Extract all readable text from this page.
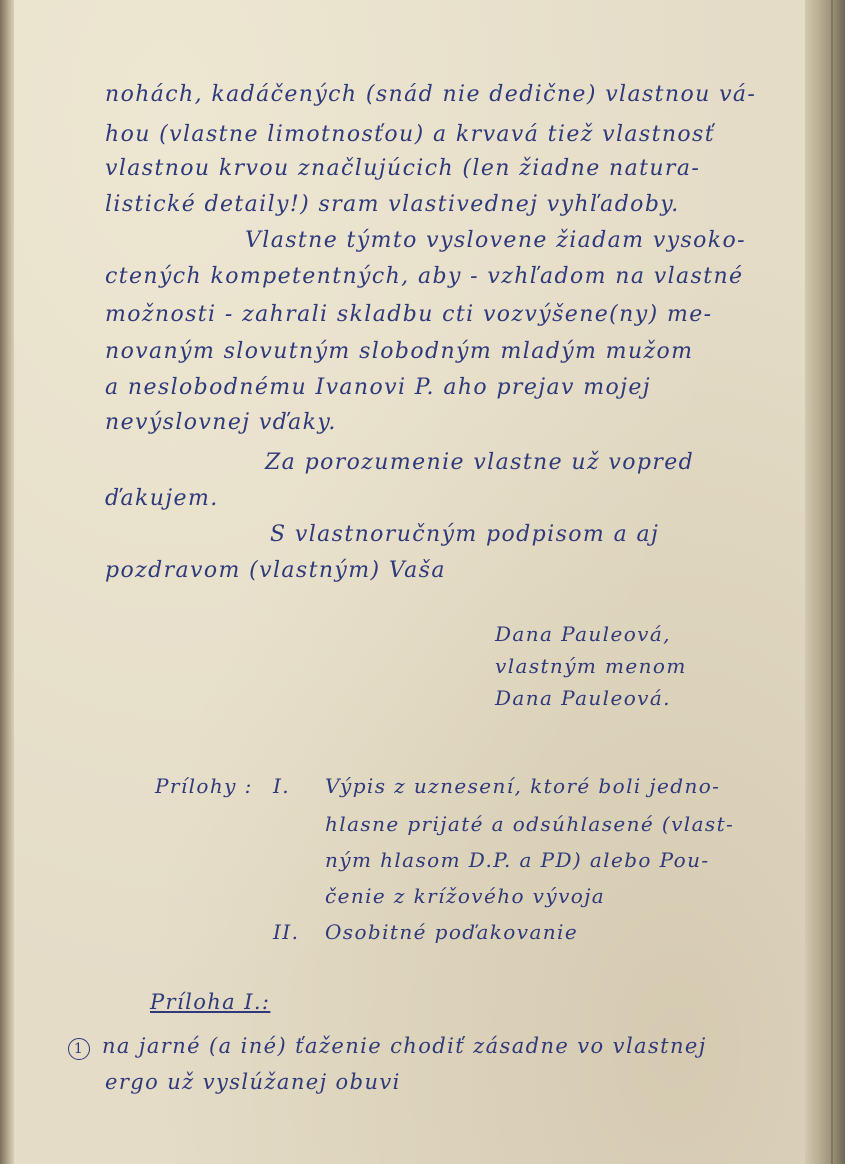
nohách, kadáčených (snád nie dedične) vlastnou vá-
hou (vlastne limotnosťou) a krvavá tiež vlastnosť
vlastnou krvou značlujúcich (len žiadne natura-
listické detaily!) sram vlastivednej vyhľadoby.
Vlastne týmto vyslovene žiadam vysoko-
ctených kompetentných, aby - vzhľadom na vlastné
možnosti - zahrali skladbu cti vozvýšene(ny) me-
novaným slovutným slobodným mladým mužom
a neslobodnému Ivanovi P. aho prejav mojej
nevýslovnej vďaky.
Za porozumenie vlastne už vopred
ďakujem.
S vlastnoručným podpisom a aj
pozdravom (vlastným) Vaša
Dana Pauleová,
vlastným menom
Dana Pauleová.
Prílohy : I. Výpis z uznesení, ktoré boli jedno-
hlasne prijaté a odsúhlasené (vlast-
ným hlasom D.P. a PD) alebo Pou-
čenie z krížového vývoja
II. Osobitné poďakovanie
Príloha I.:
1 na jarné (a iné) ťaženie chodiť zásadne vo vlastnej
ergo už vyslúžanej obuvi
